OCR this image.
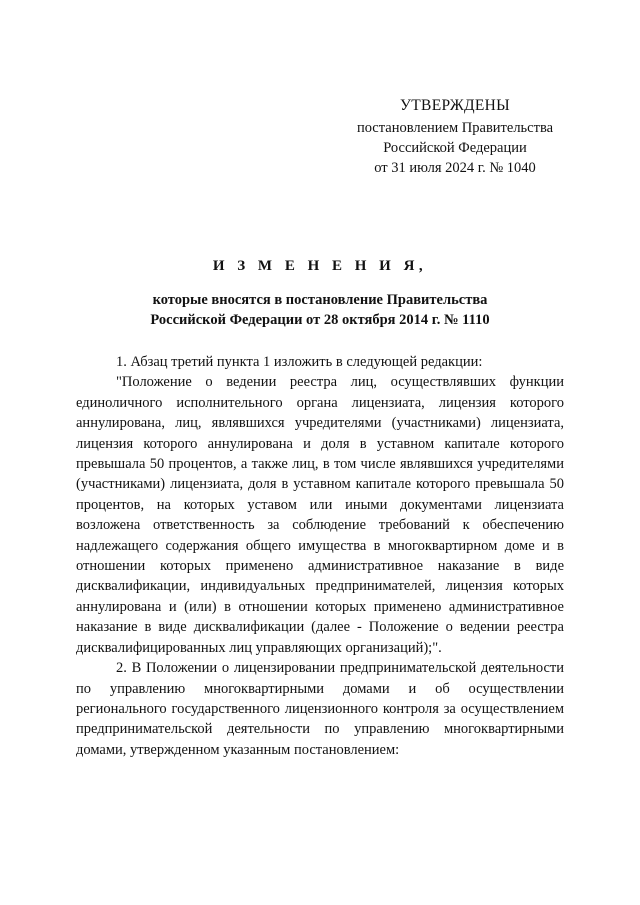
УТВЕРЖДЕНЫ
постановлением Правительства
Российской Федерации
от 31 июля 2024 г. № 1040
И З М Е Н Е Н И Я,
которые вносятся в постановление Правительства
Российской Федерации от 28 октября 2014 г. № 1110

1. Абзац третий пункта 1 изложить в следующей редакции:

"Положение о ведении реестра лиц, осуществлявших функции единоличного исполнительного органа лицензиата, лицензия которого аннулирована, лиц, являвшихся учредителями (участниками) лицензиата, лицензия которого аннулирована и доля в уставном капитале которого превышала 50 процентов, а также лиц, в том числе являвшихся учредителями (участниками) лицензиата, доля в уставном капитале которого превышала 50 процентов, на которых уставом или иными документами лицензиата возложена ответственность за соблюдение требований к обеспечению надлежащего содержания общего имущества в многоквартирном доме и в отношении которых применено административное наказание в виде дисквалификации, индивидуальных предпринимателей, лицензия которых аннулирована и (или) в отношении которых применено административное наказание в виде дисквалификации (далее - Положение о ведении реестра дисквалифицированных лиц управляющих организаций);".

2. В Положении о лицензировании предпринимательской деятельности по управлению многоквартирными домами и об осуществлении регионального государственного лицензионного контроля за осуществлением предпринимательской деятельности по управлению многоквартирными домами, утвержденном указанным постановлением:
